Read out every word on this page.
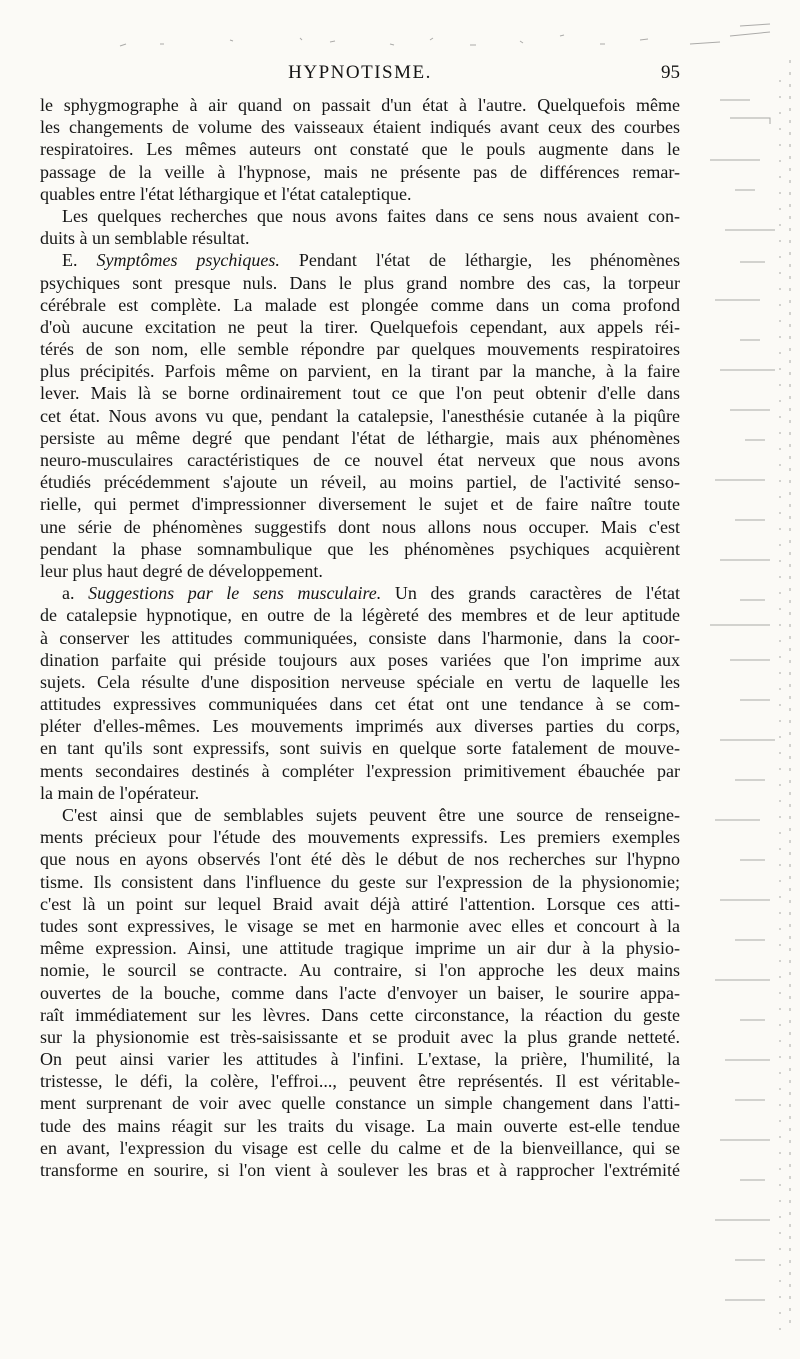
HYPNOTISME.	95
le sphygmographe à air quand on passait d'un état à l'autre. Quelquefois même
les changements de volume des vaisseaux étaient indiqués avant ceux des courbes
respiratoires. Les mêmes auteurs ont constaté que le pouls augmente dans le
passage de la veille à l'hypnose, mais ne présente pas de différences remar-
quables entre l'état léthargique et l'état cataleptique.
Les quelques recherches que nous avons faites dans ce sens nous avaient con-
duits à un semblable résultat.
E. Symptômes psychiques. Pendant l'état de léthargie, les phénomènes
psychiques sont presque nuls. Dans le plus grand nombre des cas, la torpeur
cérébrale est complète. La malade est plongée comme dans un coma profond
d'où aucune excitation ne peut la tirer. Quelquefois cependant, aux appels réi-
térés de son nom, elle semble répondre par quelques mouvements respiratoires
plus précipités. Parfois même on parvient, en la tirant par la manche, à la faire
lever. Mais là se borne ordinairement tout ce que l'on peut obtenir d'elle dans
cet état. Nous avons vu que, pendant la catalepsie, l'anesthésie cutanée à la piqûre
persiste au même degré que pendant l'état de léthargie, mais aux phénomènes
neuro-musculaires caractéristiques de ce nouvel état nerveux que nous avons
étudiés précédemment s'ajoute un réveil, au moins partiel, de l'activité senso-
rielle, qui permet d'impressionner diversement le sujet et de faire naître toute
une série de phénomènes suggestifs dont nous allons nous occuper. Mais c'est
pendant la phase somnambulique que les phénomènes psychiques acquièrent
leur plus haut degré de développement.
a. Suggestions par le sens musculaire. Un des grands caractères de l'état
de catalepsie hypnotique, en outre de la légèreté des membres et de leur aptitude
à conserver les attitudes communiquées, consiste dans l'harmonie, dans la coor-
dination parfaite qui préside toujours aux poses variées que l'on imprime aux
sujets. Cela résulte d'une disposition nerveuse spéciale en vertu de laquelle les
attitudes expressives communiquées dans cet état ont une tendance à se com-
pléter d'elles-mêmes. Les mouvements imprimés aux diverses parties du corps,
en tant qu'ils sont expressifs, sont suivis en quelque sorte fatalement de mouve-
ments secondaires destinés à compléter l'expression primitivement ébauchée par
la main de l'opérateur.
C'est ainsi que de semblables sujets peuvent être une source de renseigne-
ments précieux pour l'étude des mouvements expressifs. Les premiers exemples
que nous en ayons observés l'ont été dès le début de nos recherches sur l'hypno
tisme. Ils consistent dans l'influence du geste sur l'expression de la physionomie;
c'est là un point sur lequel Braid avait déjà attiré l'attention. Lorsque ces atti-
tudes sont expressives, le visage se met en harmonie avec elles et concourt à la
même expression. Ainsi, une attitude tragique imprime un air dur à la physio-
nomie, le sourcil se contracte. Au contraire, si l'on approche les deux mains
ouvertes de la bouche, comme dans l'acte d'envoyer un baiser, le sourire appa-
raît immédiatement sur les lèvres. Dans cette circonstance, la réaction du geste
sur la physionomie est très-saisissante et se produit avec la plus grande netteté.
On peut ainsi varier les attitudes à l'infini. L'extase, la prière, l'humilité, la
tristesse, le défi, la colère, l'effroi..., peuvent être représentés. Il est véritable-
ment surprenant de voir avec quelle constance un simple changement dans l'atti-
tude des mains réagit sur les traits du visage. La main ouverte est-elle tendue
en avant, l'expression du visage est celle du calme et de la bienveillance, qui se
transforme en sourire, si l'on vient à soulever les bras et à rapprocher l'extrémité
